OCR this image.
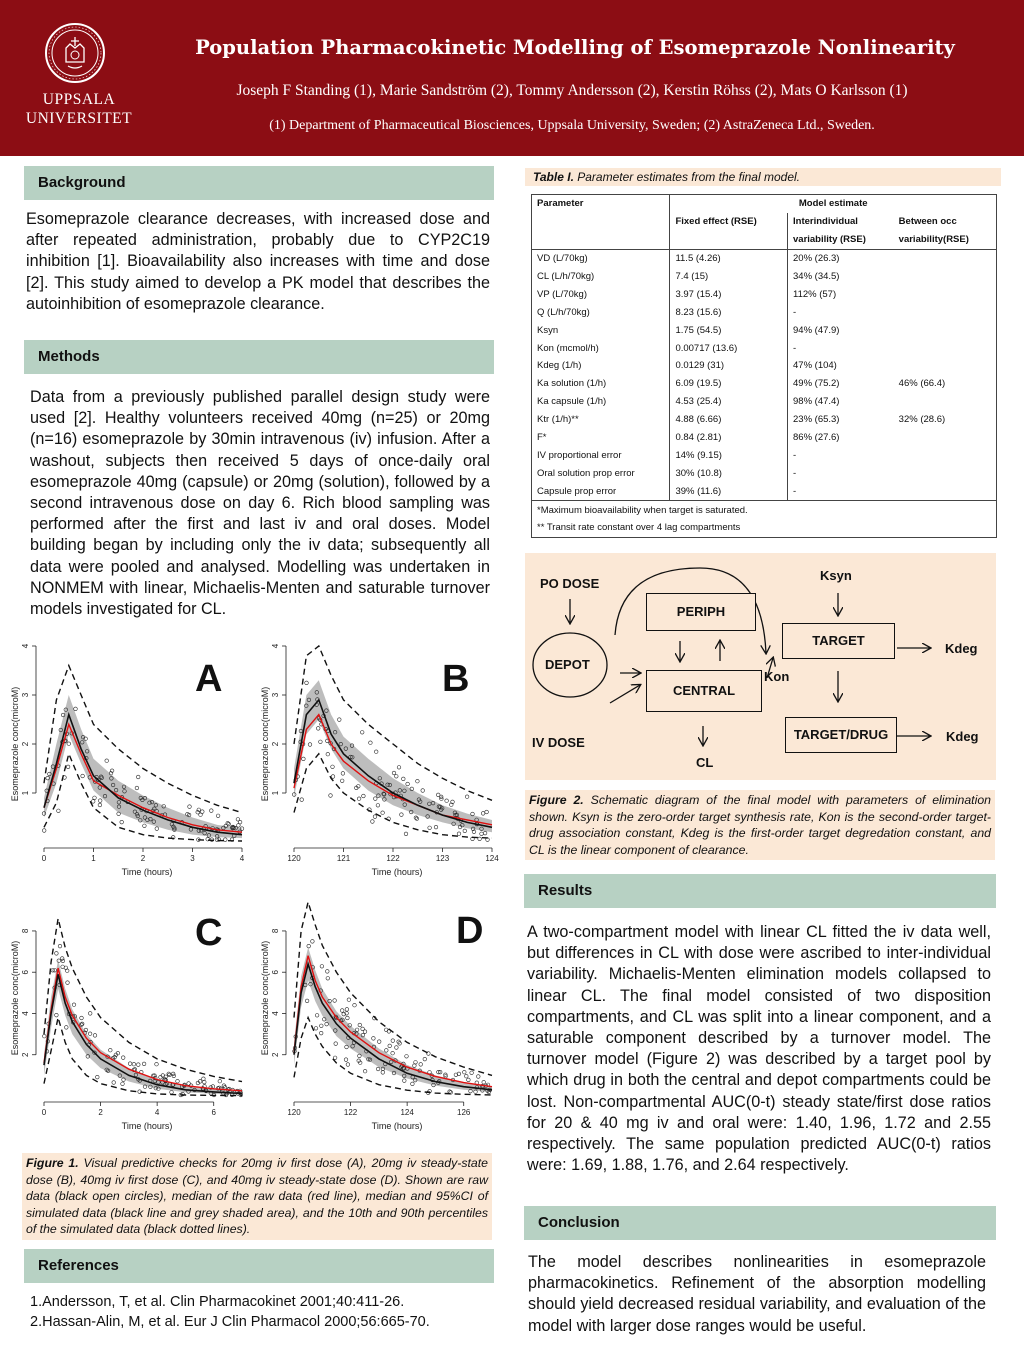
UPPSALA
UNIVERSITET
Population Pharmacokinetic Modelling of Esomeprazole Nonlinearity
Joseph F Standing (1), Marie Sandström (2), Tommy Andersson (2), Kerstin Röhss (2), Mats O Karlsson (1)
(1) Department of Pharmaceutical Biosciences, Uppsala University, Sweden; (2) AstraZeneca Ltd., Sweden.
Background
Esomeprazole clearance decreases, with increased dose and after repeated administration, probably due to CYP2C19 inhibition [1]. Bioavailability also increases with time and dose [2]. This study aimed to develop a PK model that describes the autoinhibition of esomeprazole clearance.
Methods
Data from a previously published parallel design study were used [2]. Healthy volunteers received 40mg (n=25) or 20mg (n=16) esomeprazole by 30min intravenous (iv) infusion. After a washout, subjects then received 5 days of once-daily oral esomeprazole 40mg (capsule) or 20mg (solution), followed by a second intravenous dose on day 6. Rich blood sampling was performed after the first and last iv and oral doses. Model building began by including only the iv data; subsequently all data were pooled and analysed. Modelling was undertaken in NONMEM with linear, Michaelis-Menten and saturable turnover models investigated for CL.
1
2
3
4
0	1	2	3	4
Time (hours)
Esomeprazole conc(microM)	1
2
3
4
120	121	122	123	124
Time (hours)
Esomeprazole conc(microM)
2
4
6
8
0	2	4	6
Time (hours)
Esomeprazole conc(microM)	2
4
6
8
120	122	124	126
Time (hours)
Esomeprazole conc(microM)
A	B
C	D
Figure 1. Visual predictive checks for 20mg iv first dose (A), 20mg iv steady-state dose (B), 40mg iv first dose (C), and 40mg iv steady-state dose (D). Shown are raw data (black open circles), median of the raw data (red line), median and 95%CI of simulated data (black line and grey shaded area), and the 10th and 90th percentiles of the simulated data (black dotted lines).
References
1.Andersson, T, et al. Clin Pharmacokinet 2001;40:411-26.
2.Hassan-Alin, M, et al. Eur J Clin Pharmacol 2000;56:665-70.
Table I. Parameter estimates from the final model.
Parameter	Model estimate		
	Fixed effect (RSE)	Interindividual	Between occ
		variability (RSE)	variability(RSE)
VD (L/70kg)	11.5 (4.26)	20% (26.3)	
CL (L/h/70kg)	7.4 (15)	34% (34.5)	
VP (L/70kg)	3.97 (15.4)	112% (57)	
Q (L/h/70kg)	8.23 (15.6)	-	
Ksyn	1.75 (54.5)	94% (47.9)	
Kon (mcmol/h)	0.00717 (13.6)	-	
Kdeg (1/h)	0.0129 (31)	47% (104)	
Ka solution (1/h)	6.09 (19.5)	49% (75.2)	46% (66.4)
Ka capsule (1/h)	4.53 (25.4)	98% (47.4)	
Ktr (1/h)**	4.88 (6.66)	23% (65.3)	32% (28.6)
F*	0.84 (2.81)	86% (27.6)	
IV proportional error	14% (9.15)	-	
Oral solution prop error	30% (10.8)	-	
Capsule prop error	39% (11.6)	-	
*Maximum bioavailability when target is saturated.			
** Transit rate constant over 4 lag compartments			
PO DOSE
DEPOT
IV DOSE
PERIPH
CENTRAL
CL
Ksyn
TARGET
Kon
TARGET/DRUG
Kdeg
Kdeg
Figure 2. Schematic diagram of the final model with parameters of elimination shown. Ksyn is the zero-order target synthesis rate, Kon is the second-order target-drug association constant, Kdeg is the first-order target degredation constant, and CL is the linear component of clearance.
Results
A two-compartment model with linear CL fitted the iv data well, but differences in CL with dose were ascribed to inter-individual variability. Michaelis-Menten elimination models collapsed to linear CL. The final model consisted of two disposition compartments, and CL was split into a linear component, and a saturable component described by a turnover model. The turnover model (Figure 2) was described by a target pool by which drug in both the central and depot compartments could be lost. Non-compartmental AUC(0-t) steady state/first dose ratios for 20 & 40 mg iv and oral were: 1.40, 1.96, 1.72 and 2.55 respectively. The same population predicted AUC(0-t) ratios were: 1.69, 1.88, 1.76, and 2.64 respectively.
Conclusion
The model describes nonlinearities in esomeprazole pharmacokinetics. Refinement of the absorption modelling should yield decreased residual variability, and evaluation of the model with larger dose ranges would be useful.
